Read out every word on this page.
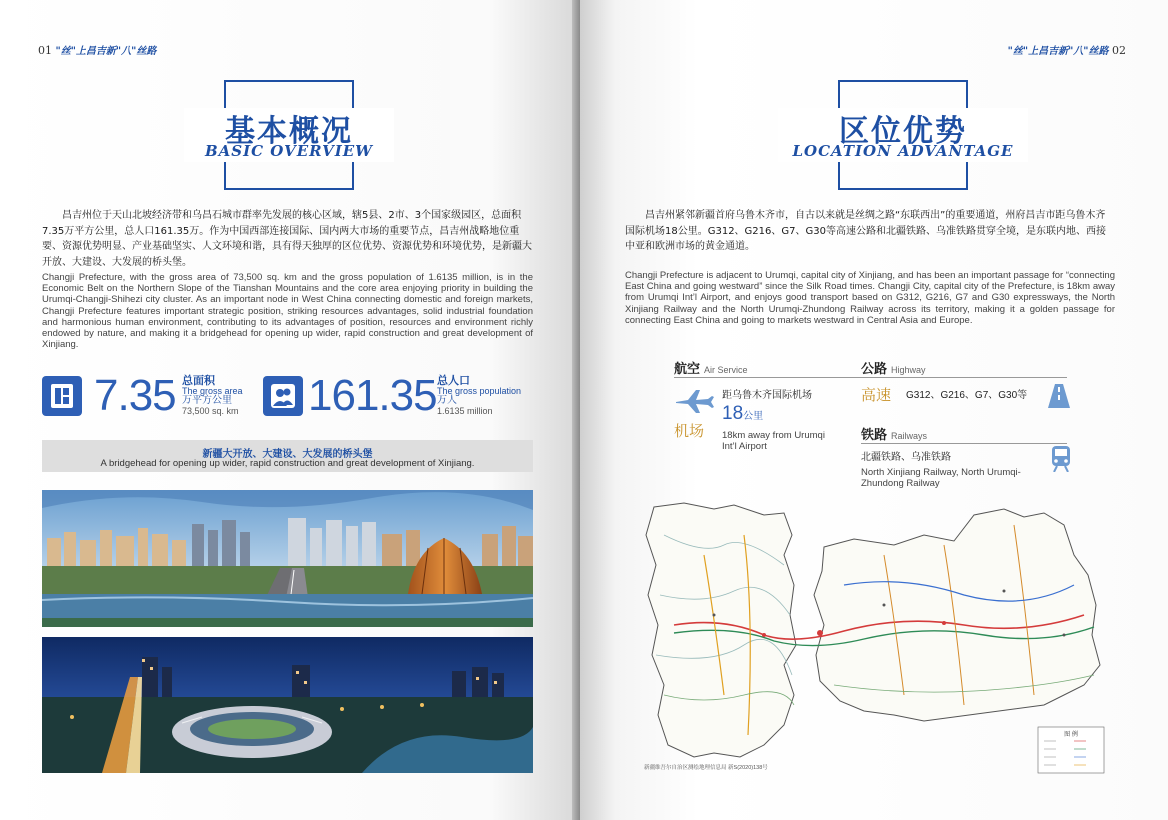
01 "丝"上昌吉新"八"丝路
基本概况
BASIC OVERVIEW
昌吉州位于天山北坡经济带和乌昌石城市群率先发展的核心区域，辖5县、2市、3个国家级园区，总面积7.35万平方公里，总人口161.35万。作为中国西部连接国际、国内两大市场的重要节点，昌吉州战略地位重要、资源优势明显、产业基础坚实、人文环境和谐，具有得天独厚的区位优势、资源优势和环境优势，是新疆大开放、大建设、大发展的桥头堡。
Changji Prefecture, with the gross area of 73,500 sq. km and the gross population of 1.6135 million, is in the Economic Belt on the Northern Slope of the Tianshan Mountains and the core area enjoying priority in building the Urumqi-Changji-Shihezi city cluster. As an important node in West China connecting domestic and foreign markets, Changji Prefecture features important strategic position, striking resources advantages, solid industrial foundation and harmonious human environment, contributing to its advantages of position, resources and environment richly endowed by nature, and making it a bridgehead for opening up wider, rapid construction and great development of Xinjiang.
7.35 总面积
The gross area
万平方公里
73,500 sq. km	161.35 总人口
The gross population
万人
1.6135 million
新疆大开放、大建设、大发展的桥头堡
A bridgehead for opening up wider, rapid construction and great development of Xinjiang.
"丝"上昌吉新"八"丝路 02
区位优势
LOCATION ADVANTAGE
昌吉州紧邻新疆首府乌鲁木齐市，自古以来就是丝绸之路“东联西出”的重要通道，州府昌吉市距乌鲁木齐国际机场18公里。G312、G216、G7、G30等高速公路和北疆铁路、乌准铁路贯穿全境，是东联内地、西接中亚和欧洲市场的黄金通道。
Changji Prefecture is adjacent to Urumqi, capital city of Xinjiang, and has been an important passage for “connecting East China and going westward” since the Silk Road times. Changji City, capital city of the Prefecture, is 18km away from Urumqi Int’l Airport, and enjoys good transport based on G312, G216, G7 and G30 expressways, the North Xinjiang Railway and the North Urumqi-Zhundong Railway across its territory, making it a golden passage for connecting East China and going to markets westward in Central Asia and Europe.
航空 Air Service
机场
距乌鲁木齐国际机场
18公里
18km away from Urumqi Int’l Airport
公路 Highway
高速 G312、G216、G7、G30等
铁路 Railways
北疆铁路、乌准铁路
North Xinjiang Railway, North Urumqi-Zhundong Railway
图 例
新疆维吾尔自治区测绘地理信息局 新S(2020)138号
